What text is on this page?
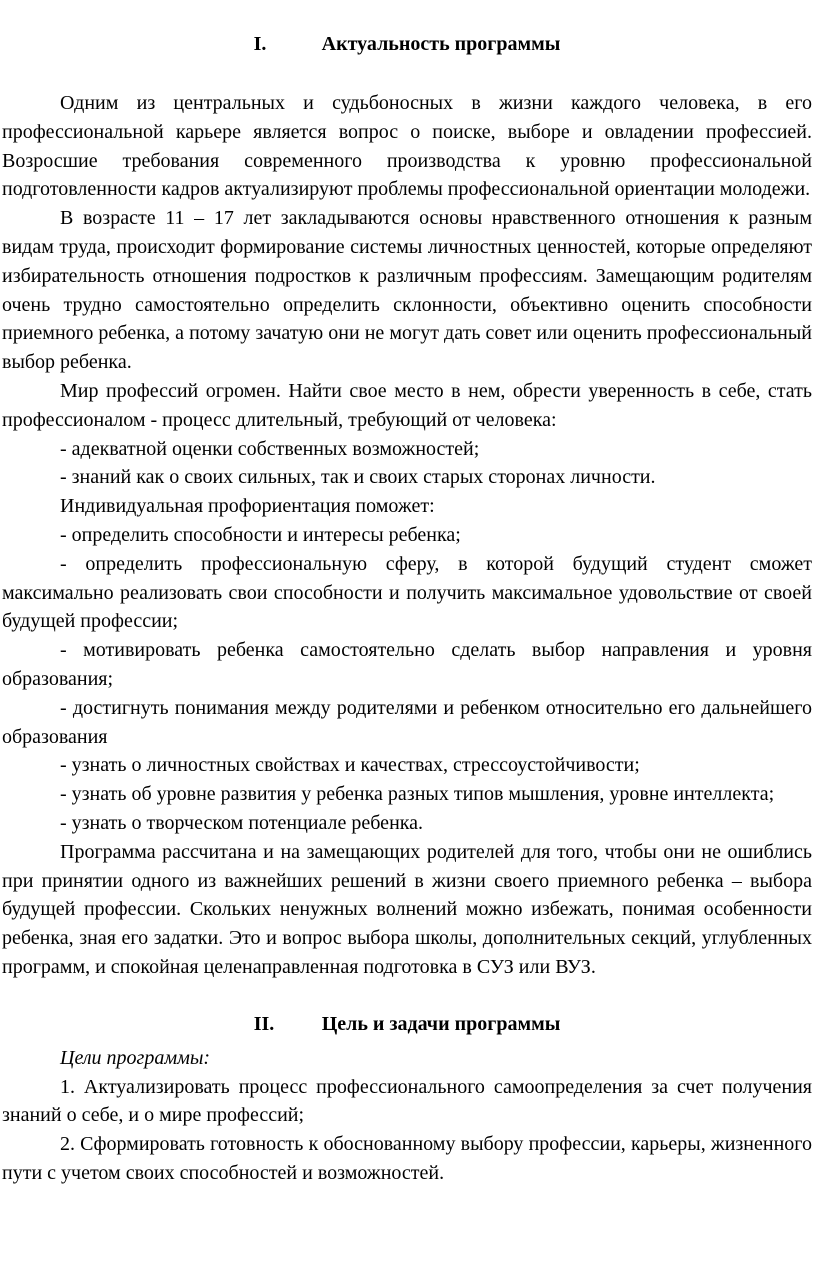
I.	Актуальность программы

Одним из центральных и судьбоносных в жизни каждого человека, в его профессиональной карьере является вопрос о поиске, выборе и овладении профессией. Возросшие требования современного производства к уровню профессиональной подготовленности кадров актуализируют проблемы профессиональной ориентации молодежи.

В возрасте 11 – 17 лет закладываются основы нравственного отношения к разным видам труда, происходит формирование системы личностных ценностей, которые определяют избирательность отношения подростков к различным профессиям. Замещающим родителям очень трудно самостоятельно определить склонности, объективно оценить способности приемного ребенка, а потому зачатую они не могут дать совет или оценить профессиональный выбор ребенка.

Мир профессий огромен. Найти свое место в нем, обрести уверенность в себе, стать профессионалом - процесс длительный, требующий от человека:

- адекватной оценки собственных возможностей;

- знаний как о своих сильных, так и своих старых сторонах личности.

Индивидуальная профориентация поможет:

- определить способности и интересы ребенка;

- определить профессиональную сферу, в которой будущий студент сможет максимально реализовать свои способности и получить максимальное удовольствие от своей будущей профессии;

- мотивировать ребенка самостоятельно сделать выбор направления и уровня образования;

- достигнуть понимания между родителями и ребенком относительно его дальнейшего образования

- узнать о личностных свойствах и качествах, стрессоустойчивости;

- узнать об уровне развития у ребенка разных типов мышления, уровне интеллекта;

- узнать о творческом потенциале ребенка.

Программа рассчитана и на замещающих родителей для того, чтобы они не ошиблись при принятии одного из важнейших решений в жизни своего приемного ребенка – выбора будущей профессии. Скольких ненужных волнений можно избежать, понимая особенности ребенка, зная его задатки. Это и вопрос выбора школы, дополнительных секций, углубленных программ, и спокойная целенаправленная подготовка в СУЗ или ВУЗ.

II.	Цель и задачи программы

Цели программы:

1. Актуализировать процесс профессионального самоопределения за счет получения знаний о себе, и о мире профессий;

2. Сформировать готовность к обоснованному выбору профессии, карьеры, жизненного пути с учетом своих способностей и возможностей.
